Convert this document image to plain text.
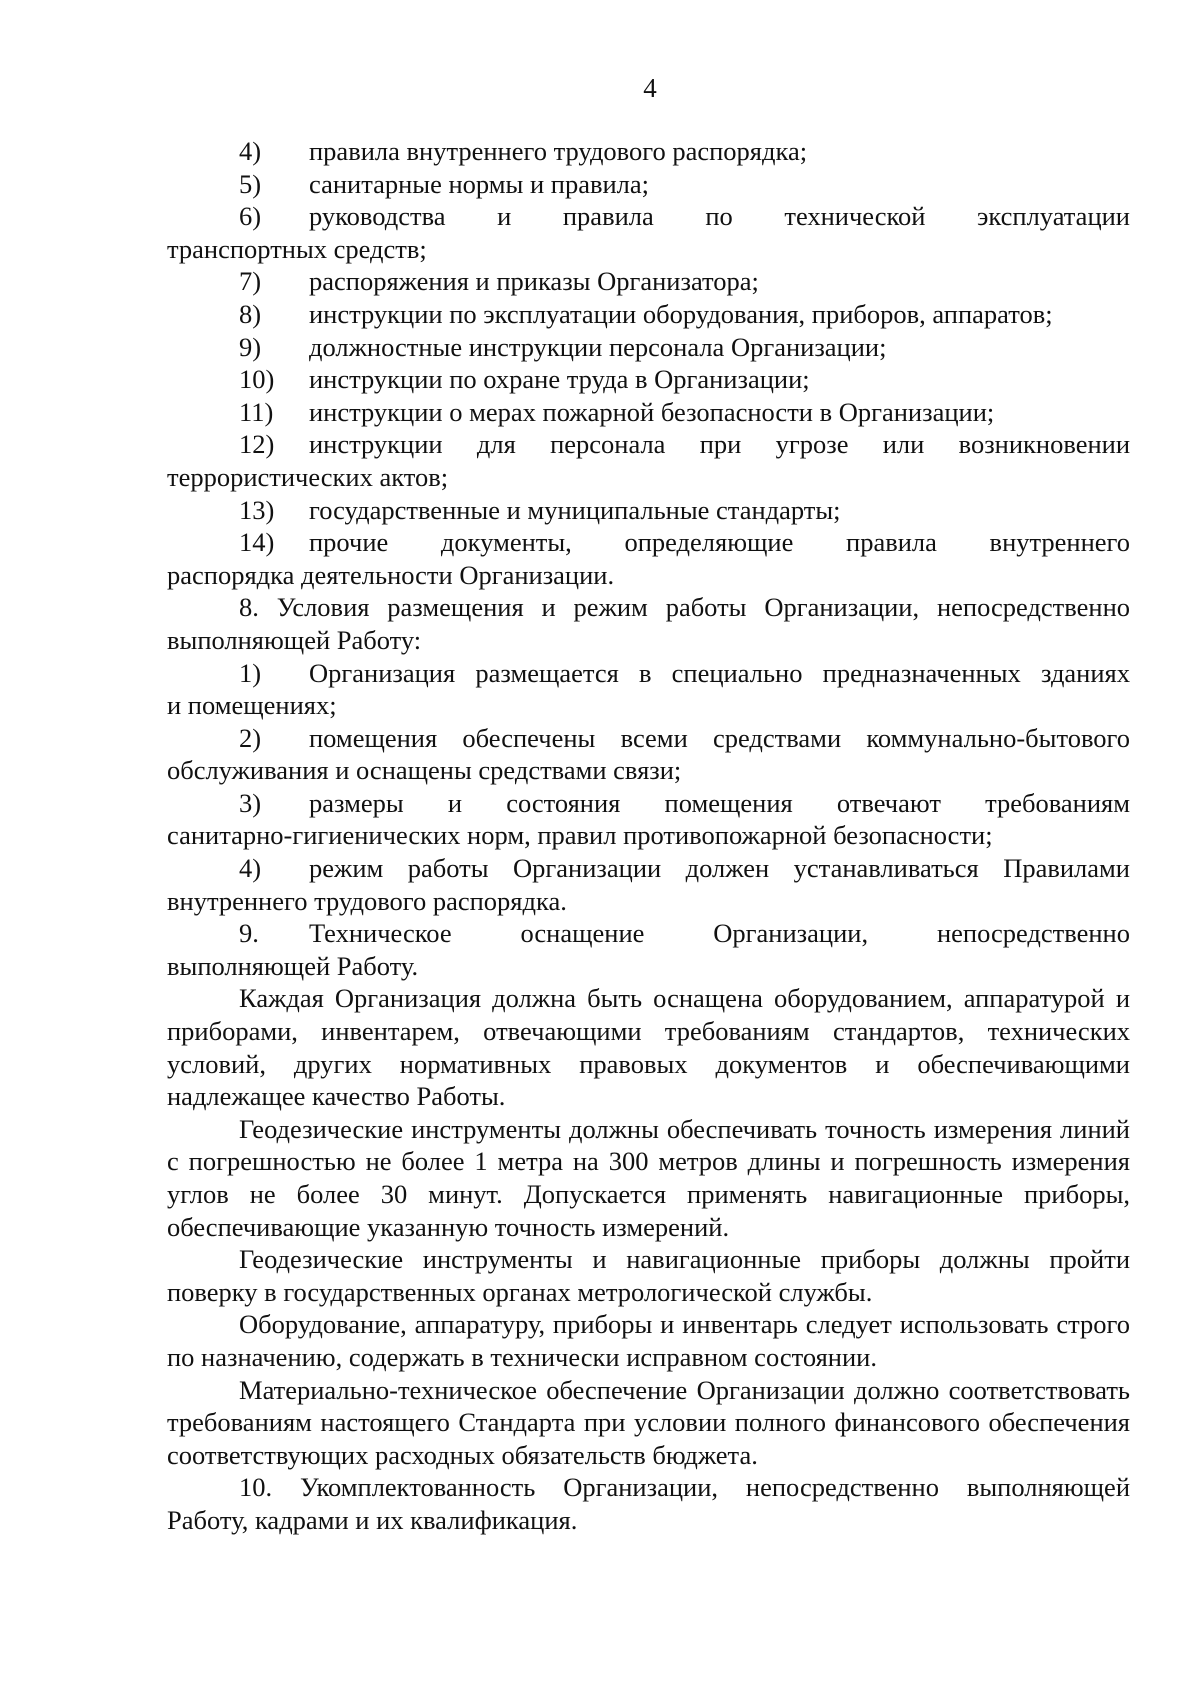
4
4)	правила внутреннего трудового распорядка;
5)	санитарные нормы и правила;
6)	руководства и правила по технической эксплуатации
транспортных средств;
7)	распоряжения и приказы Организатора;
8)	инструкции по эксплуатации оборудования, приборов, аппаратов;
9)	должностные инструкции персонала Организации;
10)	инструкции по охране труда в Организации;
11)	инструкции о мерах пожарной безопасности в Организации;
12)	инструкции для персонала при угрозе или возникновении
террористических актов;
13)	государственные и муниципальные стандарты;
14)	прочие документы, определяющие правила внутреннего
распорядка деятельности Организации.
8. Условия размещения и режим работы Организации, непосредственно
выполняющей Работу:
1)	Организация размещается в специально предназначенных зданиях
и помещениях;
2)	помещения обеспечены всеми средствами коммунально-бытового
обслуживания и оснащены средствами связи;
3)	размеры и состояния помещения отвечают требованиям
санитарно-гигиенических норм, правил противопожарной безопасности;
4)	режим работы Организации должен устанавливаться Правилами
внутреннего трудового распорядка.
9.	Техническое оснащение Организации, непосредственно
выполняющей Работу.
Каждая Организация должна быть оснащена оборудованием, аппаратурой и приборами, инвентарем, отвечающими требованиям стандартов, технических условий, других нормативных правовых документов и обеспечивающими надлежащее качество Работы.
Геодезические инструменты должны обеспечивать точность измерения линий с погрешностью не более 1 метра на 300 метров длины и погрешность измерения углов не более 30 минут. Допускается применять навигационные приборы, обеспечивающие указанную точность измерений.
Геодезические инструменты и навигационные приборы должны пройти поверку в государственных органах метрологической службы.
Оборудование, аппаратуру, приборы и инвентарь следует использовать строго по назначению, содержать в технически исправном состоянии.
Материально-техническое обеспечение Организации должно соответствовать требованиям настоящего Стандарта при условии полного финансового обеспечения соответствующих расходных обязательств бюджета.
10. Укомплектованность Организации, непосредственно выполняющей Работу, кадрами и их квалификация.
